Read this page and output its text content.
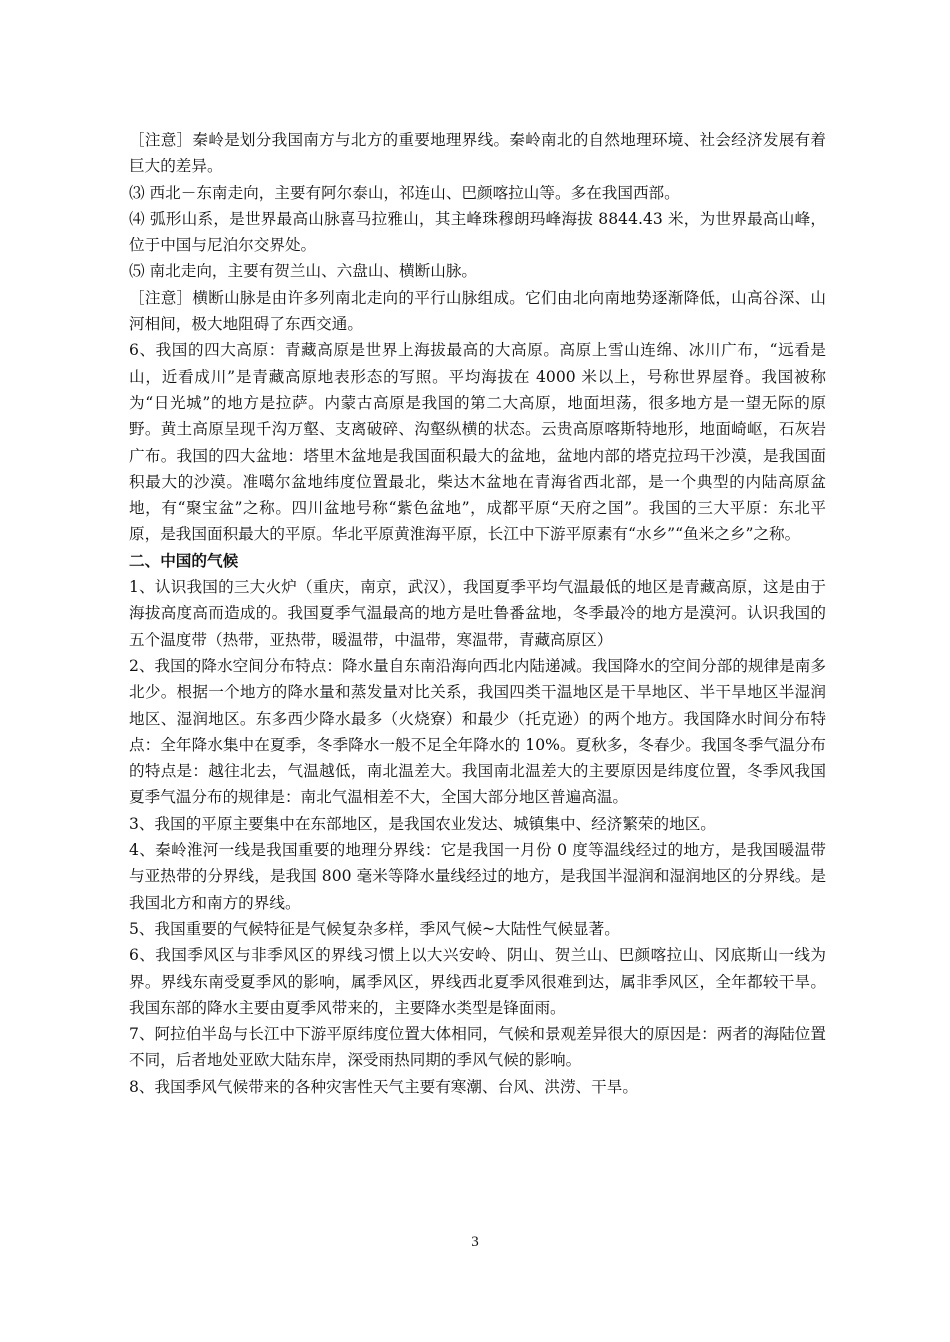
［注意］秦岭是划分我国南方与北方的重要地理界线。秦岭南北的自然地理环境、社会经济发展有着巨大的差异。

⑶ 西北－东南走向，主要有阿尔泰山，祁连山、巴颜喀拉山等。多在我国西部。

⑷ 弧形山系，是世界最高山脉喜马拉雅山，其主峰珠穆朗玛峰海拔 8844.43 米，为世界最高山峰，位于中国与尼泊尔交界处。

⑸ 南北走向，主要有贺兰山、六盘山、横断山脉。

［注意］横断山脉是由许多列南北走向的平行山脉组成。它们由北向南地势逐渐降低，山高谷深、山河相间，极大地阻碍了东西交通。

6、我国的四大高原：青藏高原是世界上海拔最高的大高原。高原上雪山连绵、冰川广布，“远看是山，近看成川”是青藏高原地表形态的写照。平均海拔在 4000 米以上，号称世界屋脊。我国被称为“日光城”的地方是拉萨。内蒙古高原是我国的第二大高原，地面坦荡，很多地方是一望无际的原野。黄土高原呈现千沟万壑、支离破碎、沟壑纵横的状态。云贵高原喀斯特地形，地面崎岖，石灰岩广布。我国的四大盆地：塔里木盆地是我国面积最大的盆地，盆地内部的塔克拉玛干沙漠，是我国面积最大的沙漠。准噶尔盆地纬度位置最北，柴达木盆地在青海省西北部，是一个典型的内陆高原盆地，有“聚宝盆”之称。四川盆地号称“紫色盆地”，成都平原“天府之国”。我国的三大平原：东北平原，是我国面积最大的平原。华北平原黄淮海平原，长江中下游平原素有“水乡”“鱼米之乡”之称。

二、中国的气候

1、认识我国的三大火炉（重庆，南京，武汉），我国夏季平均气温最低的地区是青藏高原，这是由于海拔高度高而造成的。我国夏季气温最高的地方是吐鲁番盆地，冬季最冷的地方是漠河。认识我国的五个温度带（热带，亚热带，暖温带，中温带，寒温带，青藏高原区）

2、我国的降水空间分布特点：降水量自东南沿海向西北内陆递减。我国降水的空间分部的规律是南多北少。根据一个地方的降水量和蒸发量对比关系，我国四类干温地区是干旱地区、半干旱地区半湿润地区、湿润地区。东多西少降水最多（火烧寮）和最少（托克逊）的两个地方。我国降水时间分布特点：全年降水集中在夏季，冬季降水一般不足全年降水的 10%。夏秋多，冬春少。我国冬季气温分布的特点是：越往北去，气温越低，南北温差大。我国南北温差大的主要原因是纬度位置，冬季风我国夏季气温分布的规律是：南北气温相差不大，全国大部分地区普遍高温。

3、我国的平原主要集中在东部地区，是我国农业发达、城镇集中、经济繁荣的地区。

4、秦岭淮河一线是我国重要的地理分界线：它是我国一月份 0 度等温线经过的地方，是我国暖温带与亚热带的分界线，是我国 800 毫米等降水量线经过的地方，是我国半湿润和湿润地区的分界线。是我国北方和南方的界线。

5、我国重要的气候特征是气候复杂多样，季风气候~大陆性气候显著。

6、我国季风区与非季风区的界线习惯上以大兴安岭、阴山、贺兰山、巴颜喀拉山、冈底斯山一线为界。界线东南受夏季风的影响，属季风区，界线西北夏季风很难到达，属非季风区，全年都较干旱。我国东部的降水主要由夏季风带来的，主要降水类型是锋面雨。

7、阿拉伯半岛与长江中下游平原纬度位置大体相同，气候和景观差异很大的原因是：两者的海陆位置不同，后者地处亚欧大陆东岸，深受雨热同期的季风气候的影响。

8、我国季风气候带来的各种灾害性天气主要有寒潮、台风、洪涝、干旱。

3
